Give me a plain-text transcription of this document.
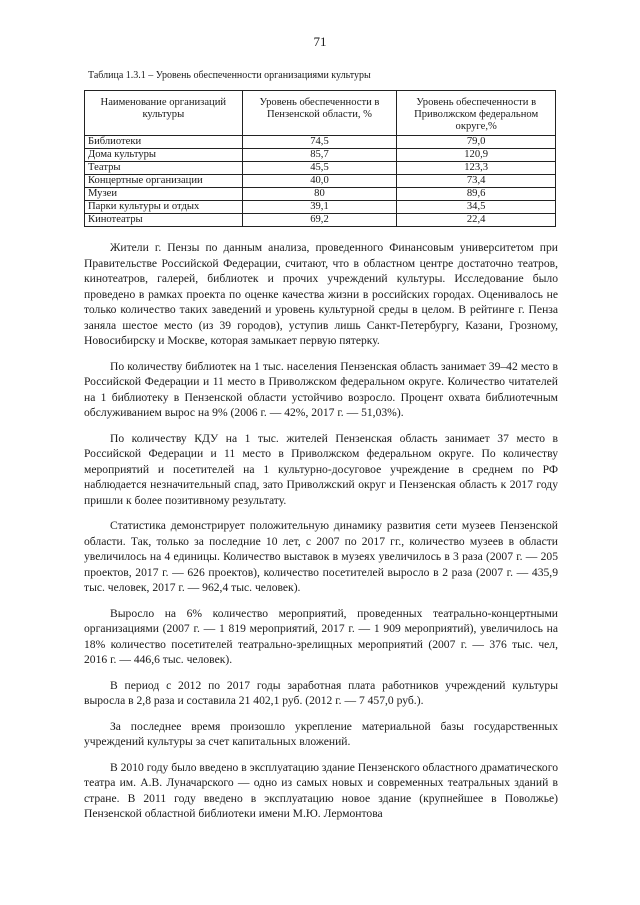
71
Таблица 1.3.1 – Уровень обеспеченности организациями культуры
Наименование организаций культуры	Уровень обеспеченности в Пензенской области, %	Уровень обеспеченности в Приволжском федеральном округе,%
Библиотеки	74,5	79,0
Дома культуры	85,7	120,9
Театры	45,5	123,3
Концертные организации	40,0	73,4
Музеи	80	89,6
Парки культуры и отдых	39,1	34,5
Кинотеатры	69,2	22,4

Жители г. Пензы по данным анализа, проведенного Финансовым университетом при Правительстве Российской Федерации, считают, что в областном центре достаточно театров, кинотеатров, галерей, библиотек и прочих учреждений культуры. Исследование было проведено в рамках проекта по оценке качества жизни в российских городах. Оценивалось не только количество таких заведений и уровень культурной среды в целом. В рейтинге г. Пенза заняла шестое место (из 39 городов), уступив лишь Санкт-Петербургу, Казани, Грозному, Новосибирску и Москве, которая замыкает первую пятерку.

По количеству библиотек на 1 тыс. населения Пензенская область занимает 39–42 место в Российской Федерации и 11 место в Приволжском федеральном округе. Количество читателей на 1 библиотеку в Пензенской области устойчиво возросло. Процент охвата библиотечным обслуживанием вырос на 9% (2006 г. — 42%, 2017 г. — 51,03%).

По количеству КДУ на 1 тыс. жителей Пензенская область занимает 37 место в Российской Федерации и 11 место в Приволжском федеральном округе. По количеству мероприятий и посетителей на 1 культурно-досуговое учреждение в среднем по РФ наблюдается незначительный спад, зато Приволжский округ и Пензенская область к 2017 году пришли к более позитивному результату.

Статистика демонстрирует положительную динамику развития сети музеев Пензенской области. Так, только за последние 10 лет, с 2007 по 2017 гг., количество музеев в области увеличилось на 4 единицы. Количество выставок в музеях увеличилось в 3 раза (2007 г. — 205 проектов, 2017 г. — 626 проектов), количество посетителей выросло в 2 раза (2007 г. — 435,9 тыс. человек, 2017 г. — 962,4 тыс. человек).

Выросло на 6% количество мероприятий, проведенных театрально-концертными организациями (2007 г. — 1 819 мероприятий, 2017 г. — 1 909 мероприятий), увеличилось на 18% количество посетителей театрально-зрелищных мероприятий (2007 г. — 376 тыс. чел, 2016 г. — 446,6 тыс. человек).

В период с 2012 по 2017 годы заработная плата работников учреждений культуры выросла в 2,8 раза и составила 21 402,1 руб. (2012 г. — 7 457,0 руб.).

За последнее время произошло укрепление материальной базы государственных учреждений культуры за счет капитальных вложений.

В 2010 году было введено в эксплуатацию здание Пензенского областного драматического театра им. А.В. Луначарского — одно из самых новых и современных театральных зданий в стране. В 2011 году введено в эксплуатацию новое здание (крупнейшее в Поволжье) Пензенской областной библиотеки имени М.Ю. Лермонтова
